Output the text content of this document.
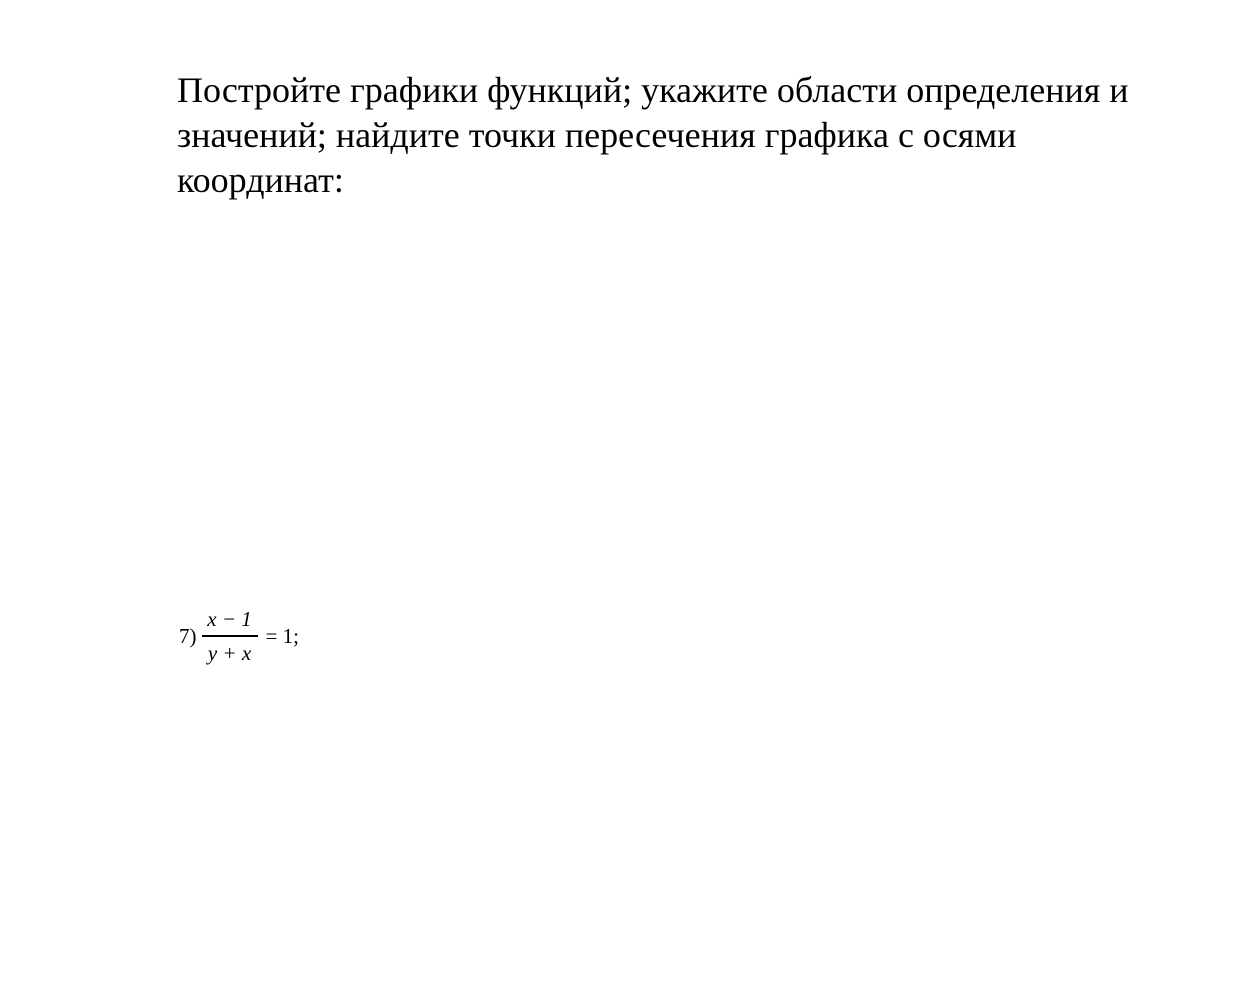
Постройте графики функций; укажите области определения и значений; найдите точки пересечения графика с осями координат:

$7) \frac{x - 1}{y + x} = 1$;
